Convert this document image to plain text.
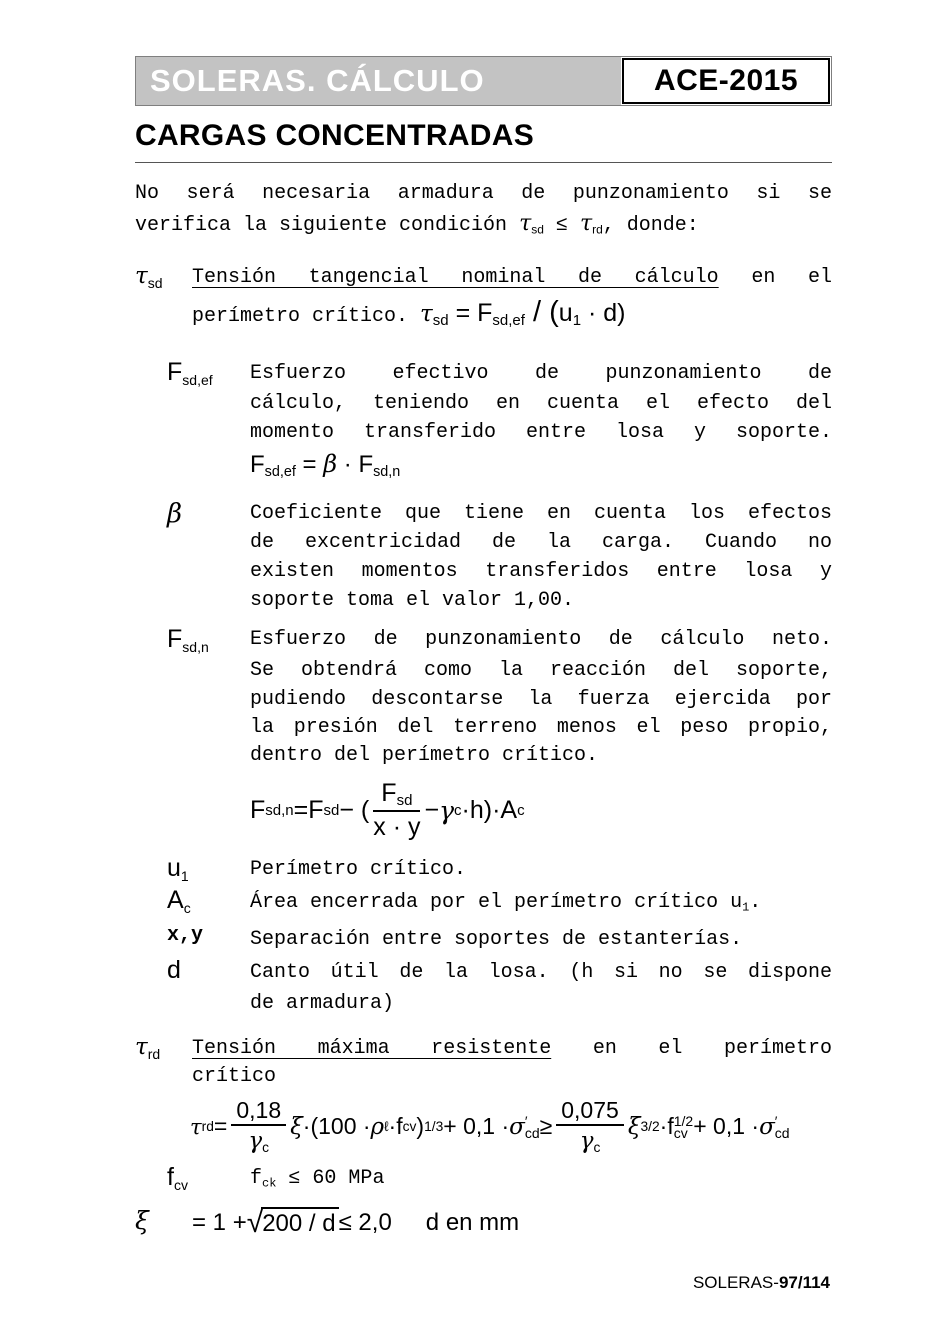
SOLERAS. CÁLCULO	ACE-2015
CARGAS CONCENTRADAS
No será necesaria armadura de punzonamiento si se
verifica la siguiente condición τsd ≤ τrd, donde:
$\tau_{sd}$	Tensión tangencial nominal de cálculo en el
perímetro crítico. τsd = Fsd,ef / (u1 · d)
$F_{sd,ef}$	Esfuerzo efectivo de punzonamiento de
cálculo, teniendo en cuenta el efecto del
momento transferido entre losa y soporte.
Fsd,ef = β · Fsd,n
β	Coeficiente que tiene en cuenta los efectos
de excentricidad de la carga. Cuando no
existen momentos transferidos entre losa y
soporte toma el valor 1,00.
$F_{sd,n}$	Esfuerzo de punzonamiento de cálculo neto.
Se obtendrá como la reacción del soporte,
pudiendo descontarse la fuerza ejercida por
la presión del terreno menos el peso propio,
dentro del perímetro crítico.
F sd,n = F sd − ( $\frac{\text{Fsd}}{x \cdot y} - \gamma$ c · h) · A c
$u_1$	Perímetro crítico.
$A_c$	Área encerrada por el perímetro crítico u1.
x,y	Separación entre soportes de estanterías.
d	Canto útil de la losa. (h si no se dispone
de armadura)
$\tau_{rd}$	Tensión máxima resistente en el perímetro
crítico
τ rd = $\frac{0,18}{\gamma c}$ ξ · (100 · ρ ℓ · f cv ) 1/3 + 0,1 · σ ′
cd ≥ $\frac{0,075}{\gamma c}$ ξ 3/2 · f 1/2
cv + 0,1 · σ ′
cd
$f_{cv}$	fck ≤ 60 MPa
ξ	= 1 + √ 200 / d ≤ 2,0 d en mm
SOLERAS-97/114
